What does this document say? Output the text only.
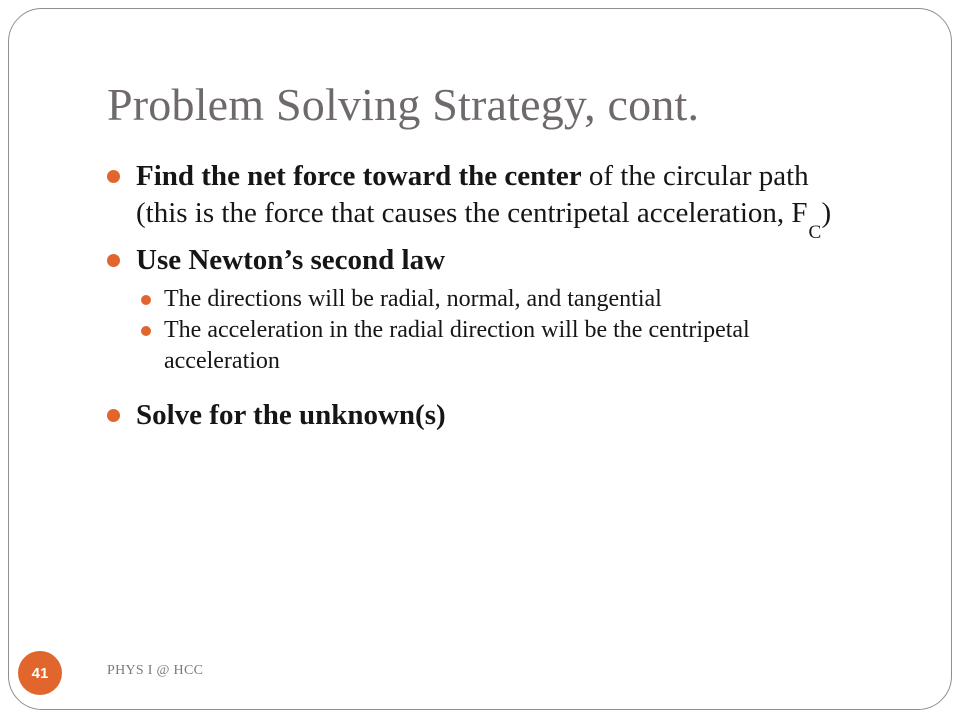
Problem Solving Strategy, cont.
Find the net force toward the center of the circular path (this is the force that causes the centripetal acceleration, F
C
)
Use Newton’s second law
The directions will be radial, normal, and tangential
The acceleration in the radial direction will be the centripetal acceleration
Solve for the unknown(s)
41	PHYS I @ HCC
